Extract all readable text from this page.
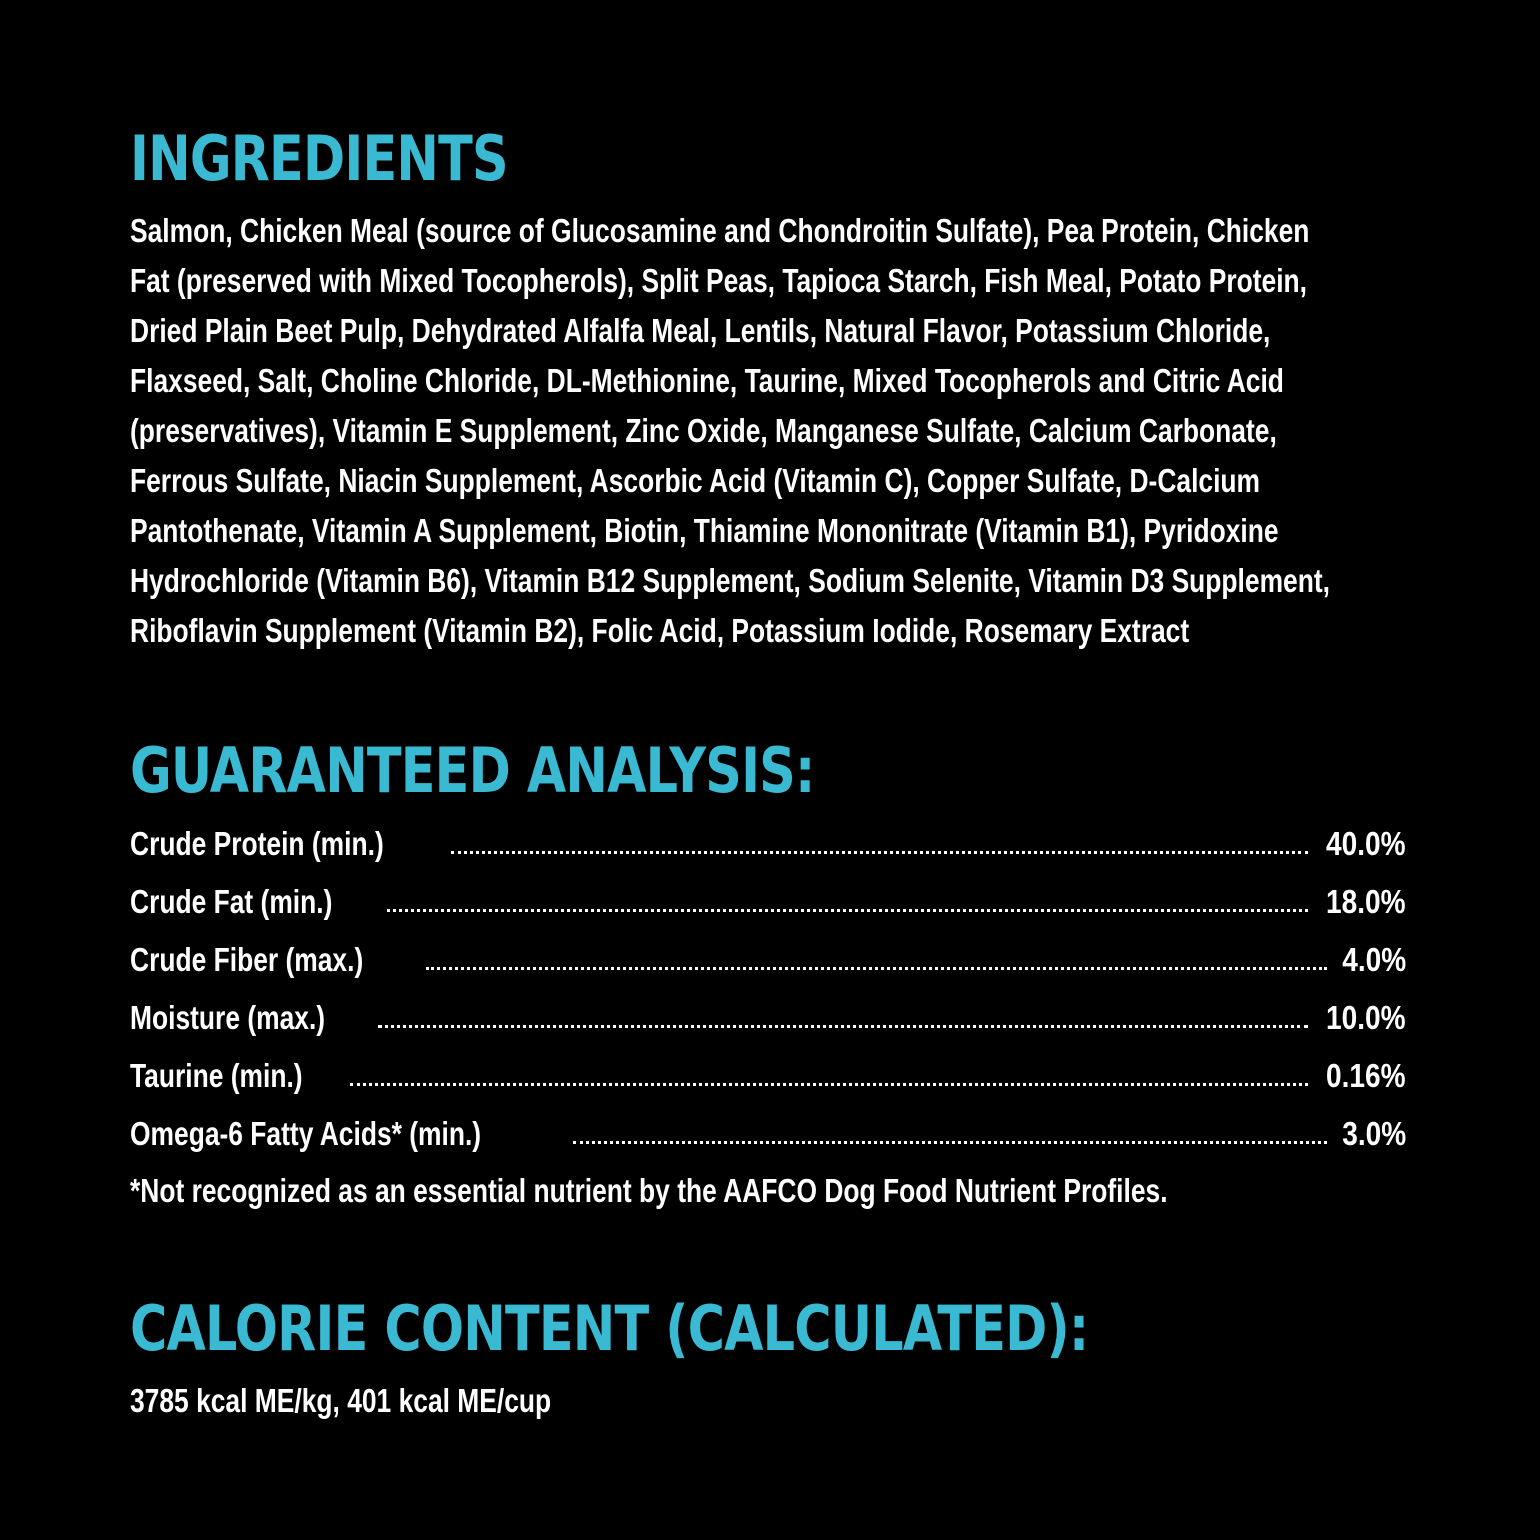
INGREDIENTS

Salmon, Chicken Meal (source of Glucosamine and Chondroitin Sulfate), Pea Protein, Chicken

Fat (preserved with Mixed Tocopherols), Split Peas, Tapioca Starch, Fish Meal, Potato Protein,

Dried Plain Beet Pulp, Dehydrated Alfalfa Meal, Lentils, Natural Flavor, Potassium Chloride,

Flaxseed, Salt, Choline Chloride, DL-Methionine, Taurine, Mixed Tocopherols and Citric Acid

(preservatives), Vitamin E Supplement, Zinc Oxide, Manganese Sulfate, Calcium Carbonate,

Ferrous Sulfate, Niacin Supplement, Ascorbic Acid (Vitamin C), Copper Sulfate, D-Calcium

Pantothenate, Vitamin A Supplement, Biotin, Thiamine Mononitrate (Vitamin B1), Pyridoxine

Hydrochloride (Vitamin B6), Vitamin B12 Supplement, Sodium Selenite, Vitamin D3 Supplement,

Riboflavin Supplement (Vitamin B2), Folic Acid, Potassium Iodide, Rosemary Extract

GUARANTEED ANALYSIS:
Crude Protein (min.)	40.0%
Crude Fat (min.)	18.0%
Crude Fiber (max.)	4.0%
Moisture (max.)	10.0%
Taurine (min.)	0.16%
Omega-6 Fatty Acids* (min.)	3.0%

*Not recognized as an essential nutrient by the AAFCO Dog Food Nutrient Profiles.

CALORIE CONTENT (CALCULATED):

3785 kcal ME/kg, 401 kcal ME/cup
